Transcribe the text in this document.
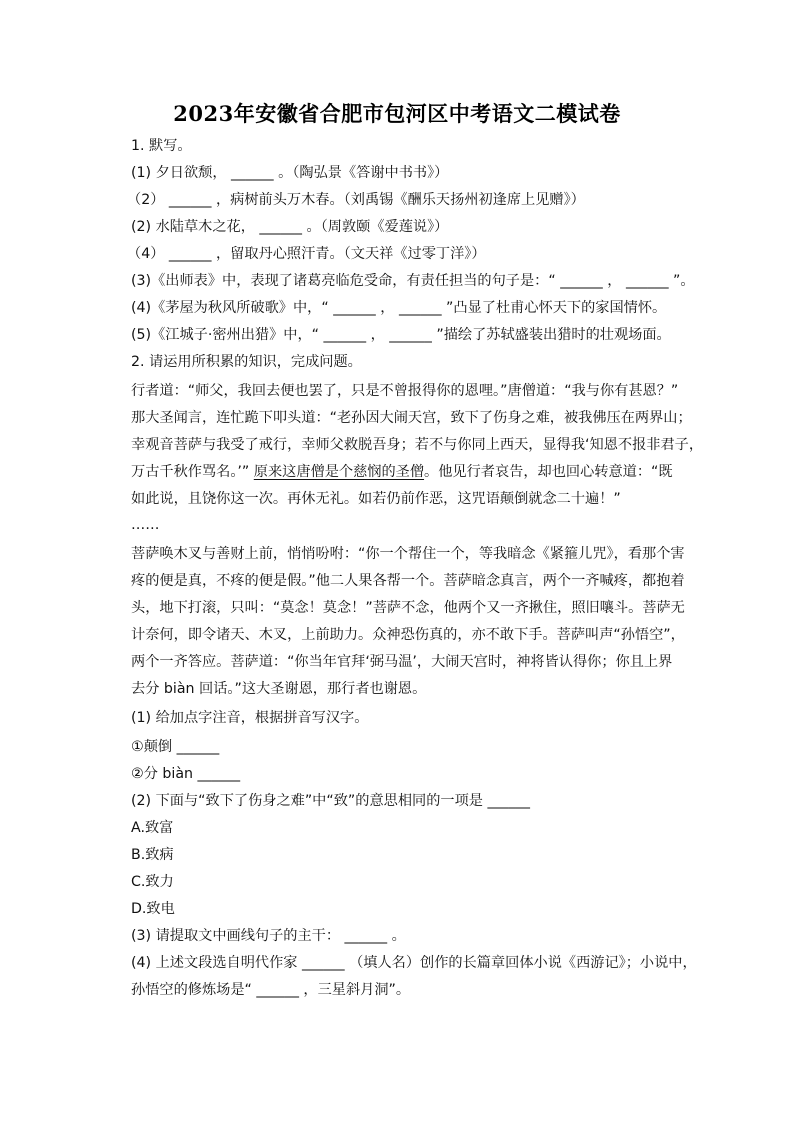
2023年安徽省合肥市包河区中考语文二模试卷
1. 默写。
(1) 夕日欲颓， ______ 。（陶弘景《答谢中书书》）
（2） ______ ，病树前头万木春。（刘禹锡《酬乐天扬州初逢席上见赠》）
(2) 水陆草木之花， ______ 。（周敦颐《爱莲说》）
（4） ______ ，留取丹心照汗青。（文天祥《过零丁洋》）
(3)《出师表》中，表现了诸葛亮临危受命，有责任担当的句子是：“ ______ ， ______ ”。
(4)《茅屋为秋风所破歌》中，“ ______ ， ______ ”凸显了杜甫心怀天下的家国情怀。
(5)《江城子·密州出猎》中，“ ______ ， ______ ”描绘了苏轼盛装出猎时的壮观场面。
2. 请运用所积累的知识，完成问题。
行者道：“师父，我回去便也罢了，只是不曾报得你的恩哩。”唐僧道：“我与你有甚恩？”
那大圣闻言，连忙跪下叩头道：“老孙因大闹天宫，致下了伤身之难，被我佛压在两界山；
幸观音菩萨与我受了戒行，幸师父救脱吾身；若不与你同上西天，显得我‘知恩不报非君子，
万古千秋作骂名。’” 原来这唐僧是个慈悯的圣僧。他见行者哀告，却也回心转意道：“既
如此说，且饶你这一次。再休无礼。如若仍前作恶，这咒语颠倒就念二十遍！”
……
菩萨唤木叉与善财上前，悄悄吩咐：“你一个帮住一个，等我暗念《紧箍儿咒》，看那个害
疼的便是真，不疼的便是假。”他二人果各帮一个。菩萨暗念真言，两个一齐喊疼，都抱着
头，地下打滚，只叫：“莫念！莫念！”菩萨不念，他两个又一齐揪住，照旧嚷斗。菩萨无
计奈何，即令诸天、木叉，上前助力。众神恐伤真的，亦不敢下手。菩萨叫声“孙悟空”，
两个一齐答应。菩萨道：“你当年官拜‘弼马温’，大闹天宫时，神将皆认得你；你且上界
去分 biàn 回话。”这大圣谢恩，那行者也谢恩。
(1) 给加点字注音，根据拼音写汉字。
①颠倒 ______
②分 biàn ______
(2) 下面与“致下了伤身之难”中“致”的意思相同的一项是 ______
A.致富
B.致病
C.致力
D.致电
(3) 请提取文中画线句子的主干： ______ 。
(4) 上述文段选自明代作家 ______ （填人名）创作的长篇章回体小说《西游记》；小说中，
孙悟空的修炼场是“ ______ ，三星斜月洞”。
